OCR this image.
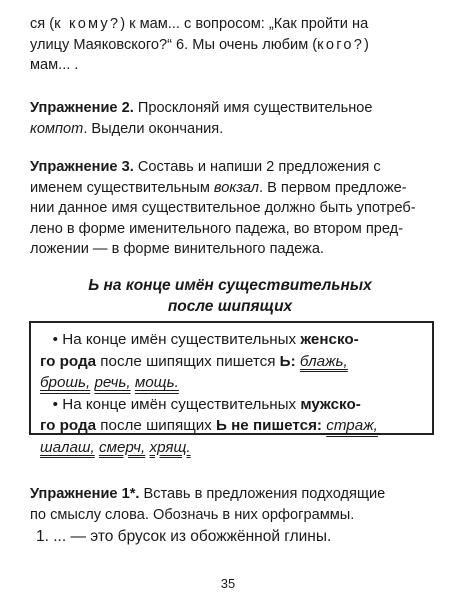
ся (к кому?) к мам... с вопросом: „Как пройти на
улицу Маяковского?“ 6. Мы очень любим (кого?)
мам... .
Упражнение 2. Просклоняй имя существительное
компот. Выдели окончания.
Упражнение 3. Составь и напиши 2 предложения с
именем существительным вокзал. В первом предложе-
нии данное имя существительное должно быть употреб-
лено в форме именительного падежа, во втором пред-
ложении — в форме винительного падежа.
Ь на конце имён существительных
после шипящих
• На конце имён существительных женско-
го рода после шипящих пишется Ь: блажь,
брошь, речь, мощь.
• На конце имён существительных мужско-
го рода после шипящих Ь не пишется: страж,
шалаш, смерч, хрящ.
Упражнение 1*. Вставь в предложения подходящие
по смыслу слова. Обозначь в них орфограммы.
1. ... — это брусок из обожжённой глины.
35
